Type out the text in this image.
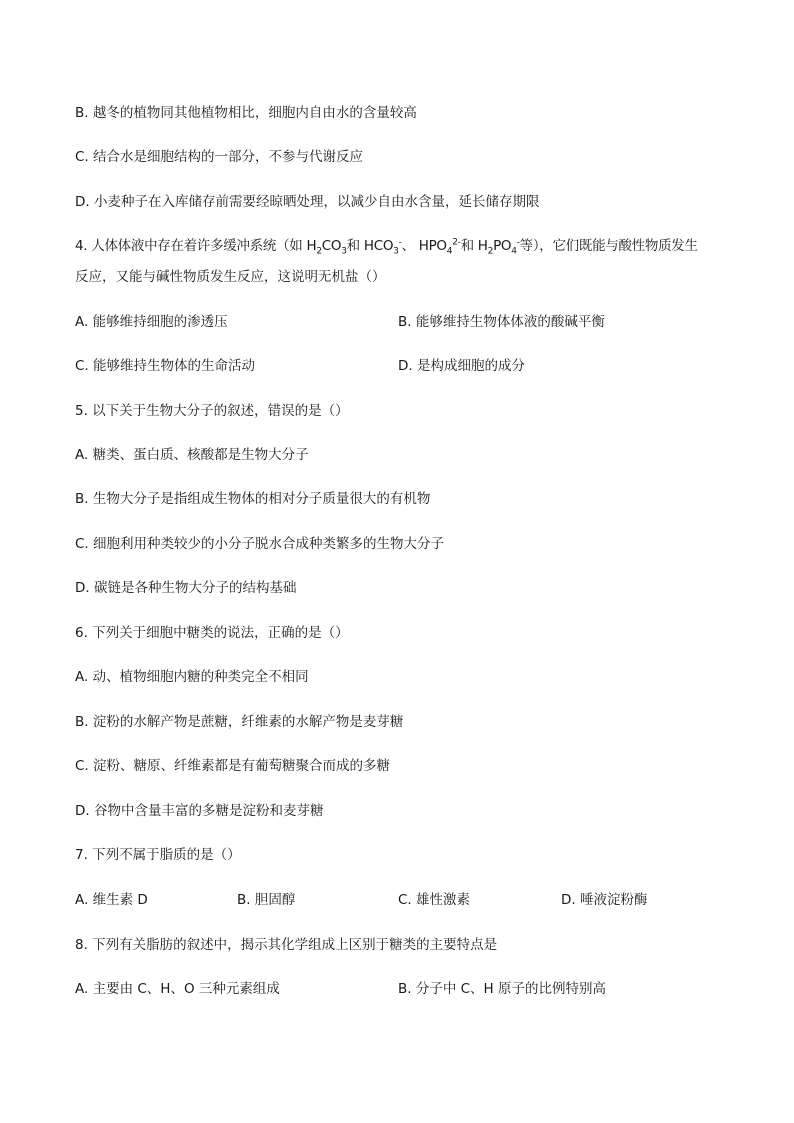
B. 越冬的植物同其他植物相比，细胞内自由水的含量较高
C. 结合水是细胞结构的一部分，不参与代谢反应
D. 小麦种子在入库储存前需要经晾晒处理，以减少自由水含量，延长储存期限
4. 人体体液中存在着许多缓冲系统（如 $H_2CO_3$和 $HCO_3^-$、 $HPO_4^{2-}$和 $H_2PO_4^-$等），它们既能与酸性物质发生
反应，又能与碱性物质发生反应，这说明无机盐（）
A. 能够维持细胞的渗透压	B. 能够维持生物体体液的酸碱平衡
C. 能够维持生物体的生命活动	D. 是构成细胞的成分
5. 以下关于生物大分子的叙述，错误的是（）
A. 糖类、蛋白质、核酸都是生物大分子
B. 生物大分子是指组成生物体的相对分子质量很大的有机物
C. 细胞利用种类较少的小分子脱水合成种类繁多的生物大分子
D. 碳链是各种生物大分子的结构基础
6. 下列关于细胞中糖类的说法，正确的是（）
A. 动、植物细胞内糖的种类完全不相同
B. 淀粉的水解产物是蔗糖，纤维素的水解产物是麦芽糖
C. 淀粉、糖原、纤维素都是有葡萄糖聚合而成的多糖
D. 谷物中含量丰富的多糖是淀粉和麦芽糖
7. 下列不属于脂质的是（）
A. 维生素 D	B. 胆固醇	C. 雄性激素	D. 唾液淀粉酶
8. 下列有关脂肪的叙述中，揭示其化学组成上区别于糖类的主要特点是
A. 主要由 C、H、O 三种元素组成	B. 分子中 C、H 原子的比例特别高
